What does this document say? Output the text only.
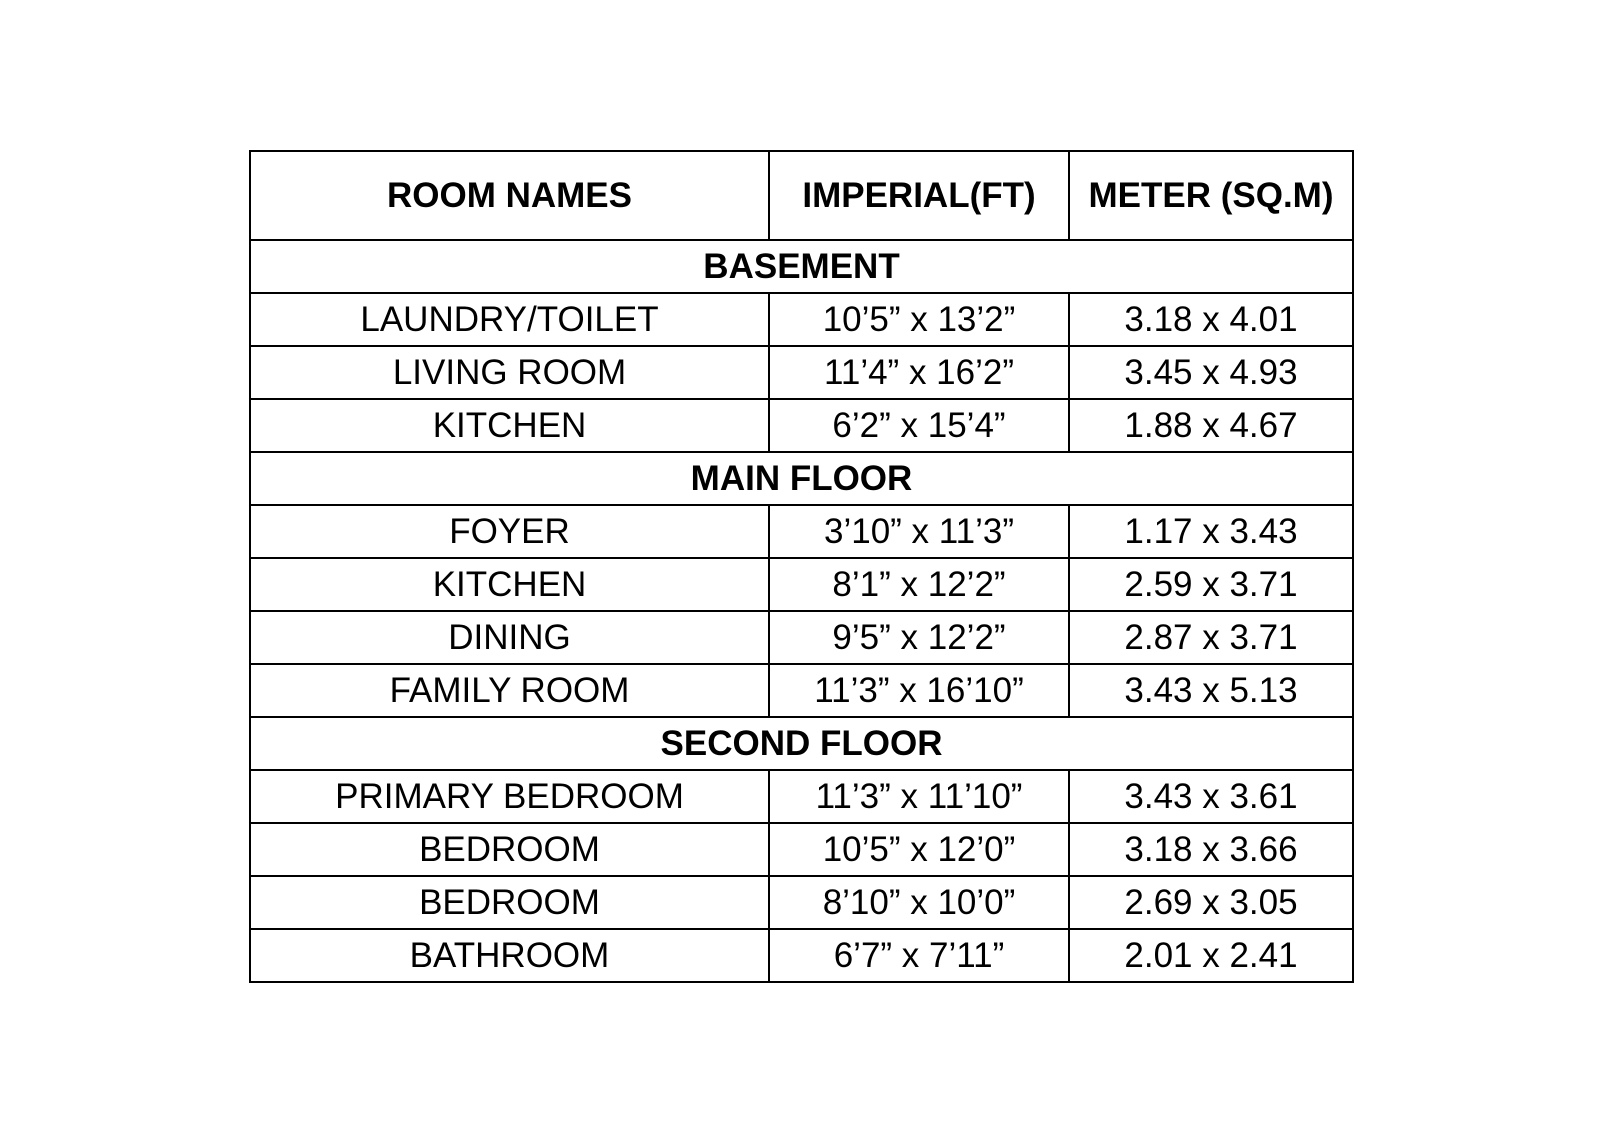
ROOM NAMES	IMPERIAL(FT)	METER (SQ.M)
BASEMENT		
LAUNDRY/TOILET	10’5” x 13’2”	3.18 x 4.01
LIVING ROOM	11’4” x 16’2”	3.45 x 4.93
KITCHEN	6’2” x 15’4”	1.88 x 4.67
MAIN FLOOR		
FOYER	3’10” x 11’3”	1.17 x 3.43
KITCHEN	8’1” x 12’2”	2.59 x 3.71
DINING	9’5” x 12’2”	2.87 x 3.71
FAMILY ROOM	11’3” x 16’10”	3.43 x 5.13
SECOND FLOOR		
PRIMARY BEDROOM	11’3” x 11’10”	3.43 x 3.61
BEDROOM	10’5” x 12’0”	3.18 x 3.66
BEDROOM	8’10” x 10’0”	2.69 x 3.05
BATHROOM	6’7” x 7’11”	2.01 x 2.41
